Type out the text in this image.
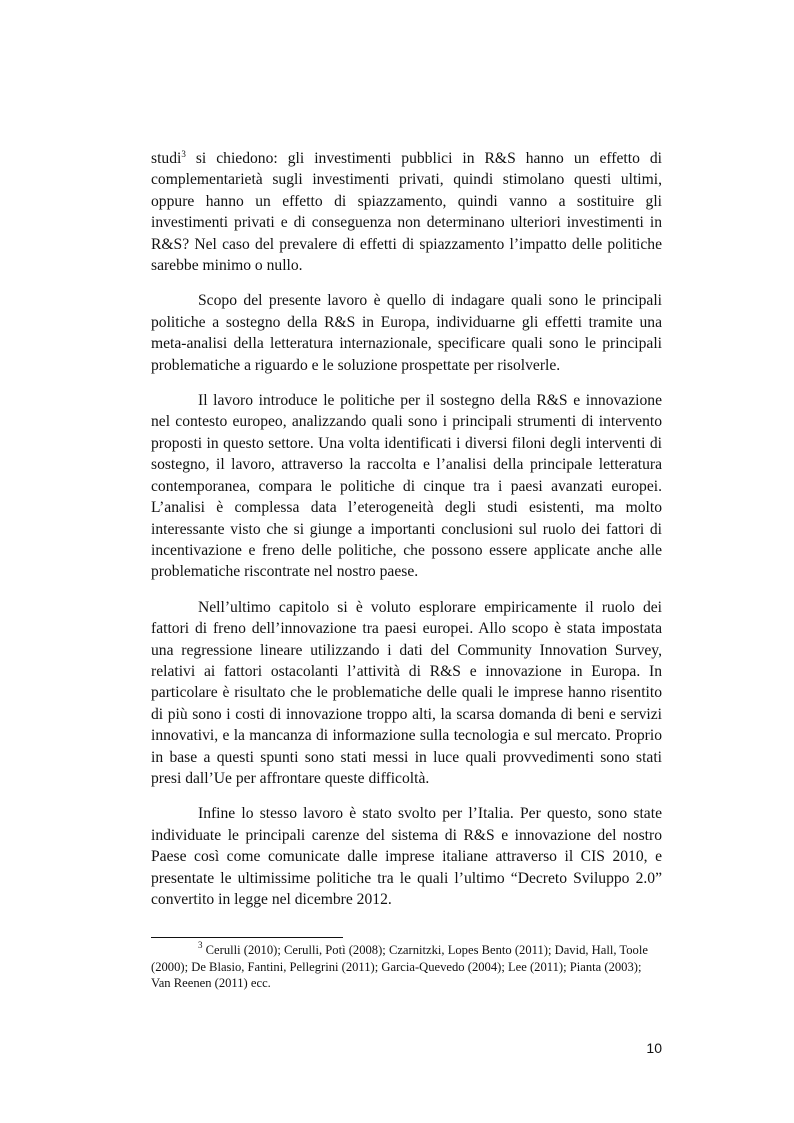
studi$^3$ si chiedono: gli investimenti pubblici in R&S hanno un effetto di complementarietà sugli investimenti privati, quindi stimolano questi ultimi, oppure hanno un effetto di spiazzamento, quindi vanno a sostituire gli investimenti privati e di conseguenza non determinano ulteriori investimenti in R&S? Nel caso del prevalere di effetti di spiazzamento l’impatto delle politiche sarebbe minimo o nullo.

Scopo del presente lavoro è quello di indagare quali sono le principali politiche a sostegno della R&S in Europa, individuarne gli effetti tramite una meta-analisi della letteratura internazionale, specificare quali sono le principali problematiche a riguardo e le soluzione prospettate per risolverle.

Il lavoro introduce le politiche per il sostegno della R&S e innovazione nel contesto europeo, analizzando quali sono i principali strumenti di intervento proposti in questo settore. Una volta identificati i diversi filoni degli interventi di sostegno, il lavoro, attraverso la raccolta e l’analisi della principale letteratura contemporanea, compara le politiche di cinque tra i paesi avanzati europei. L’analisi è complessa data l’eterogeneità degli studi esistenti, ma molto interessante visto che si giunge a importanti conclusioni sul ruolo dei fattori di incentivazione e freno delle politiche, che possono essere applicate anche alle problematiche riscontrate nel nostro paese.

Nell’ultimo capitolo si è voluto esplorare empiricamente il ruolo dei fattori di freno dell’innovazione tra paesi europei. Allo scopo è stata impostata una regressione lineare utilizzando i dati del Community Innovation Survey, relativi ai fattori ostacolanti l’attività di R&S e innovazione in Europa. In particolare è risultato che le problematiche delle quali le imprese hanno risentito di più sono i costi di innovazione troppo alti, la scarsa domanda di beni e servizi innovativi, e la mancanza di informazione sulla tecnologia e sul mercato. Proprio in base a questi spunti sono stati messi in luce quali provvedimenti sono stati presi dall’Ue per affrontare queste difficoltà.

Infine lo stesso lavoro è stato svolto per l’Italia. Per questo, sono state individuate le principali carenze del sistema di R&S e innovazione del nostro Paese così come comunicate dalle imprese italiane attraverso il CIS 2010, e presentate le ultimissime politiche tra le quali l’ultimo “Decreto Sviluppo 2.0” convertito in legge nel dicembre 2012.

$^3$ Cerulli (2010); Cerulli, Potì (2008); Czarnitzki, Lopes Bento (2011); David, Hall, Toole (2000); De Blasio, Fantini, Pellegrini (2011); Garcia-Quevedo (2004); Lee (2011); Pianta (2003); Van Reenen (2011) ecc.
10
